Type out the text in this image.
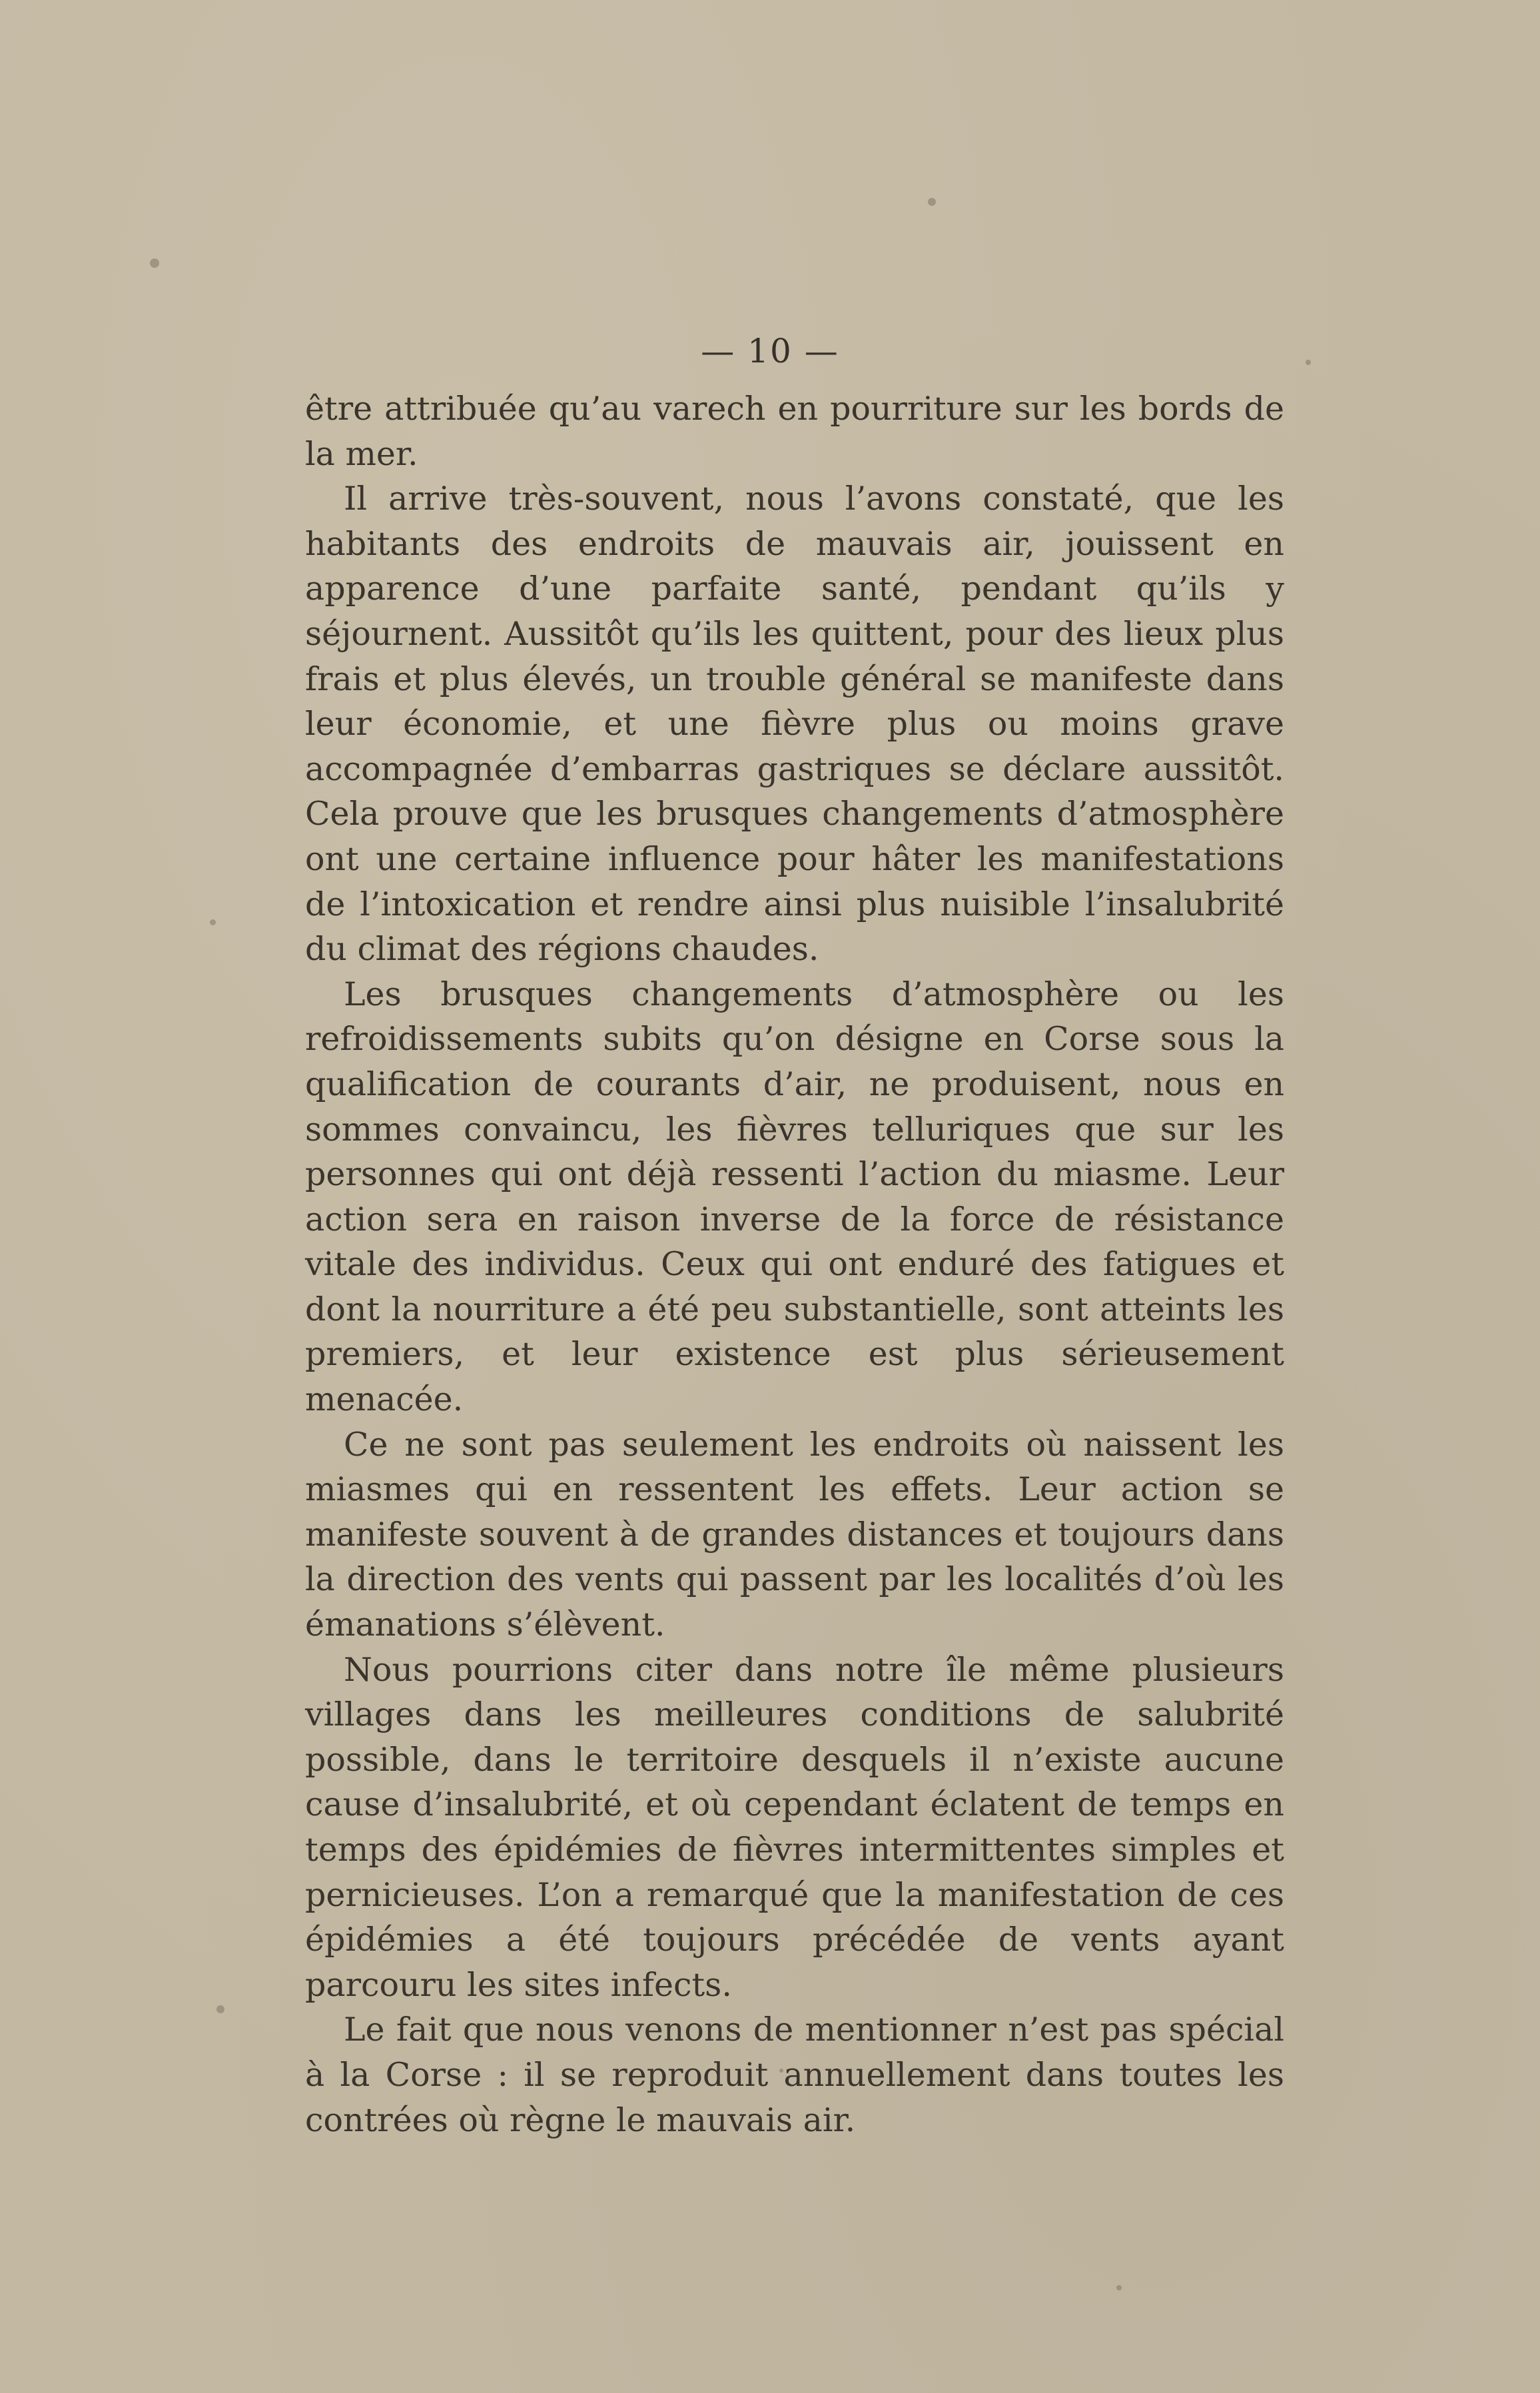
— 10 —

être attribuée qu’au varech en pourriture sur les bords de la mer.

Il arrive très-souvent, nous l’avons constaté, que les habitants des endroits de mauvais air, jouissent en apparence d’une parfaite santé, pendant qu’ils y séjournent. Aussitôt qu’ils les quittent, pour des lieux plus frais et plus élevés, un trouble général se manifeste dans leur économie, et une fièvre plus ou moins grave accompagnée d’embarras gastriques se déclare aussitôt. Cela prouve que les brusques changements d’atmosphère ont une certaine influence pour hâter les manifestations de l’intoxication et rendre ainsi plus nuisible l’insalubrité du climat des régions chaudes.

Les brusques changements d’atmosphère ou les refroidissements subits qu’on désigne en Corse sous la qualification de courants d’air, ne produisent, nous en sommes convaincu, les fièvres telluriques que sur les personnes qui ont déjà ressenti l’action du miasme. Leur action sera en raison inverse de la force de résistance vitale des individus. Ceux qui ont enduré des fatigues et dont la nourriture a été peu substantielle, sont atteints les premiers, et leur existence est plus sérieusement menacée.

Ce ne sont pas seulement les endroits où naissent les miasmes qui en ressentent les effets. Leur action se manifeste souvent à de grandes distances et toujours dans la direction des vents qui passent par les localités d’où les émanations s’élèvent.

Nous pourrions citer dans notre île même plusieurs villages dans les meilleures conditions de salubrité possible, dans le territoire desquels il n’existe aucune cause d’insalubrité, et où cependant éclatent de temps en temps des épidémies de fièvres intermittentes simples et pernicieuses. L’on a remarqué que la manifestation de ces épidémies a été toujours précédée de vents ayant parcouru les sites infects.

Le fait que nous venons de mentionner n’est pas spécial à la Corse : il se reproduit annuellement dans toutes les contrées où règne le mauvais air.
